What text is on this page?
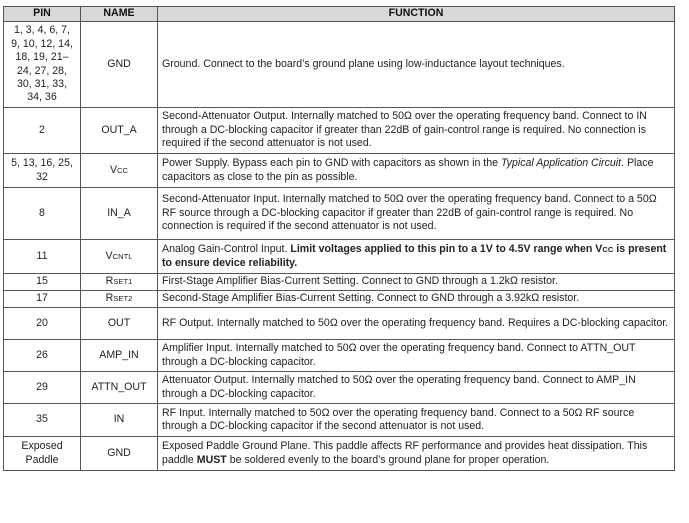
PIN	NAME	FUNCTION
1, 3, 4, 6, 7, 9, 10, 12, 14, 18, 19, 21–24, 27, 28, 30, 31, 33, 34, 36	GND	Ground. Connect to the board’s ground plane using low-inductance layout techniques.
2	OUT_A	Second-Attenuator Output. Internally matched to 50Ω over the operating frequency band. Connect to IN through a DC-blocking capacitor if greater than 22dB of gain-control range is required. No connection is required if the second attenuator is not used.
5, 13, 16, 25, 32	VCC	Power Supply. Bypass each pin to GND with capacitors as shown in the Typical Application Circuit. Place capacitors as close to the pin as possible.
8	IN_A	Second-Attenuator Input. Internally matched to 50Ω over the operating frequency band. Connect to a 50Ω RF source through a DC-blocking capacitor if greater than 22dB of gain-control range is required. No connection is required if the second attenuator is not used.
11	VCNTL	Analog Gain-Control Input. Limit voltages applied to this pin to a 1V to 4.5V range when VCC is present to ensure device reliability.
15	RSET1	First-Stage Amplifier Bias-Current Setting. Connect to GND through a 1.2kΩ resistor.
17	RSET2	Second-Stage Amplifier Bias-Current Setting. Connect to GND through a 3.92kΩ resistor.
20	OUT	RF Output. Internally matched to 50Ω over the operating frequency band. Requires a DC-blocking capacitor.
26	AMP_IN	Amplifier Input. Internally matched to 50Ω over the operating frequency band. Connect to ATTN_OUT through a DC-blocking capacitor.
29	ATTN_OUT	Attenuator Output. Internally matched to 50Ω over the operating frequency band. Connect to AMP_IN through a DC-blocking capacitor.
35	IN	RF Input. Internally matched to 50Ω over the operating frequency band. Connect to a 50Ω RF source through a DC-blocking capacitor if the second attenuator is not used.
Exposed Paddle	GND	Exposed Paddle Ground Plane. This paddle affects RF performance and provides heat dissipation. This paddle MUST be soldered evenly to the board’s ground plane for proper operation.
